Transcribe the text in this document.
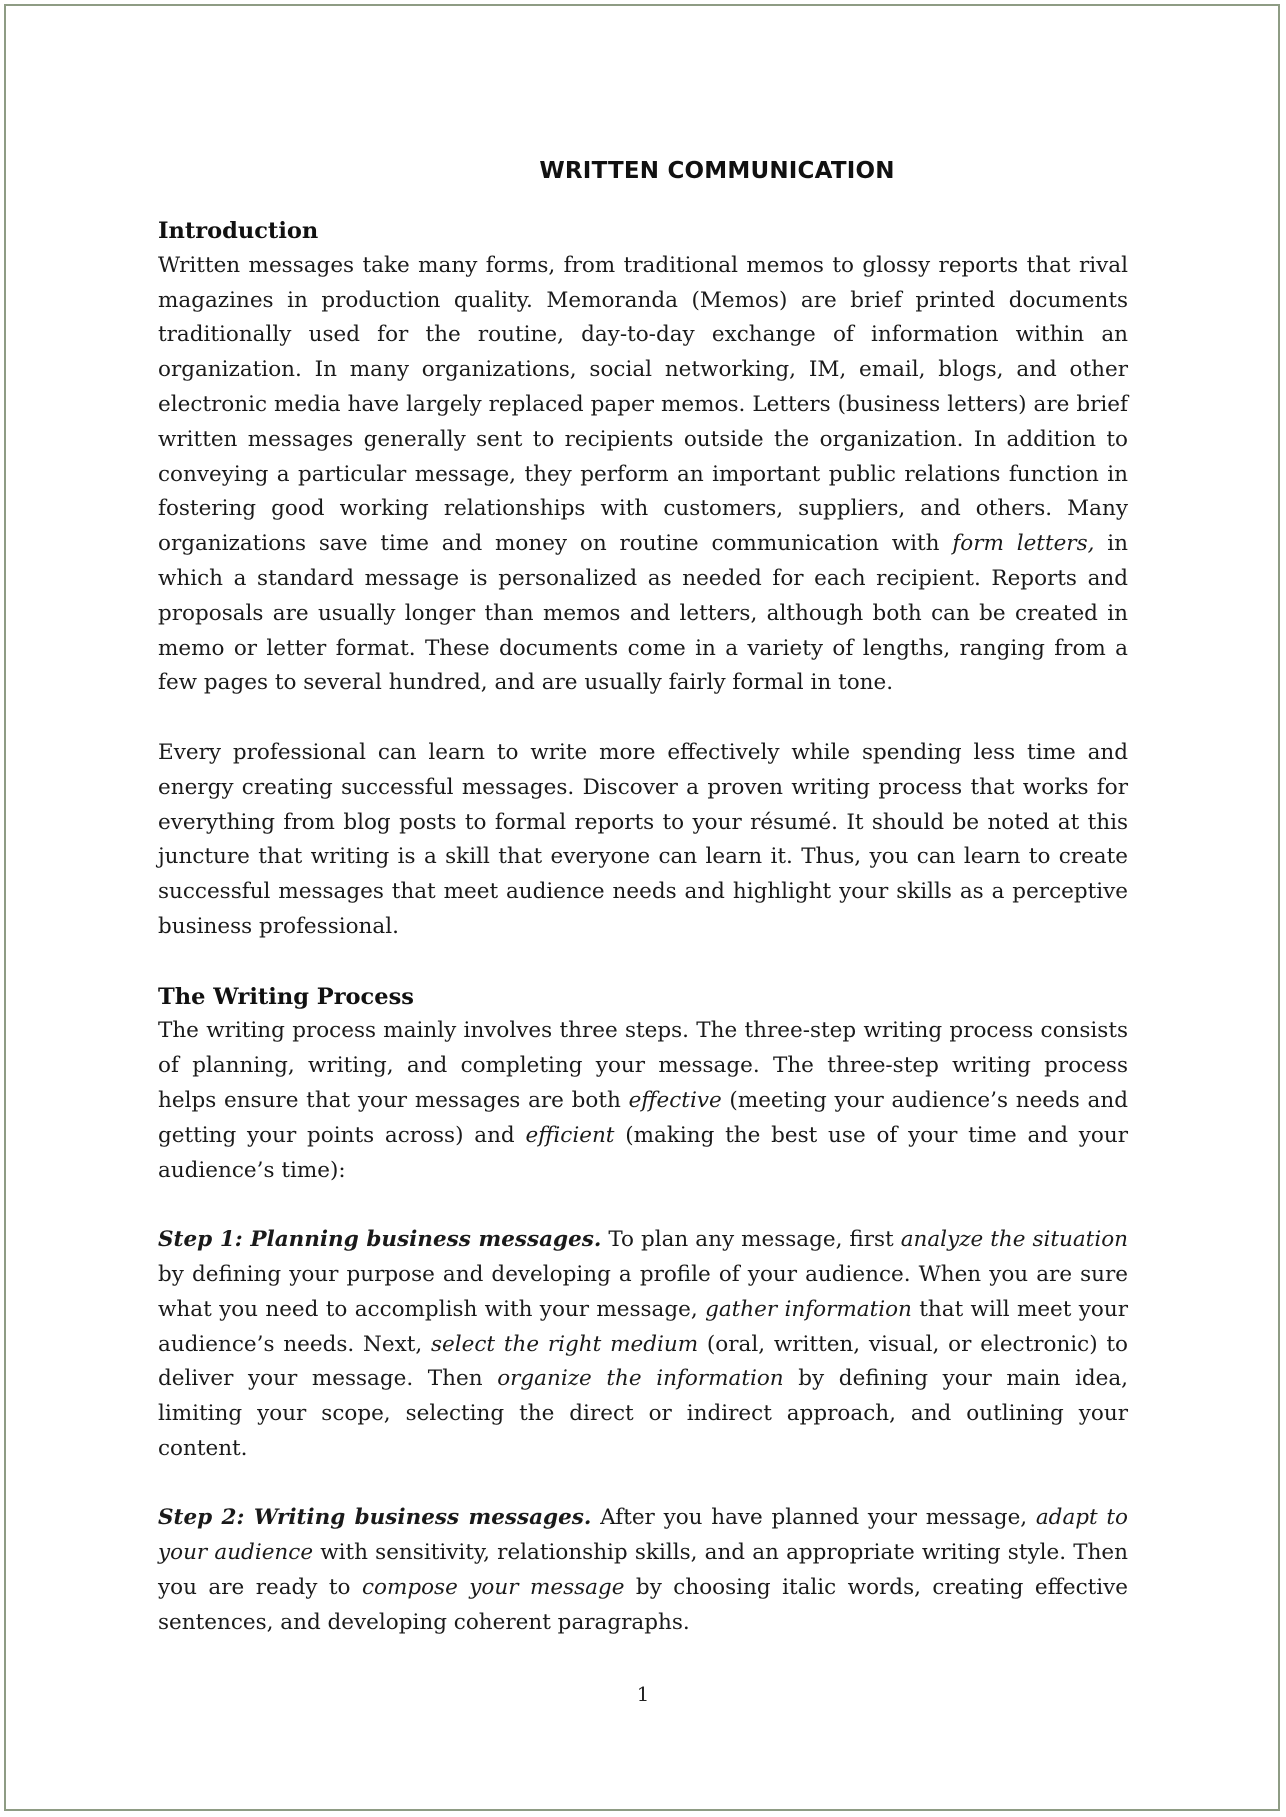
WRITTEN COMMUNICATION
Introduction

Written messages take many forms, from traditional memos to glossy reports that rival magazines in production quality. Memoranda (Memos) are brief printed documents traditionally used for the routine, day-to-day exchange of information within an organization. In many organizations, social networking, IM, email, blogs, and other electronic media have largely replaced paper memos. Letters (business letters) are brief written messages generally sent to recipients outside the organization. In addition to conveying a particular message, they perform an important public relations function in fostering good working relationships with customers, suppliers, and others. Many organizations save time and money on routine communication with form letters, in which a standard message is personalized as needed for each recipient. Reports and proposals are usually longer than memos and letters, although both can be created in memo or letter format. These documents come in a variety of lengths, ranging from a few pages to several hundred, and are usually fairly formal in tone.

Every professional can learn to write more effectively while spending less time and energy creating successful messages. Discover a proven writing process that works for everything from blog posts to formal reports to your résumé. It should be noted at this juncture that writing is a skill that everyone can learn it. Thus, you can learn to create successful messages that meet audience needs and highlight your skills as a perceptive business professional.

The Writing Process

The writing process mainly involves three steps. The three-step writing process consists of planning, writing, and completing your message. The three-step writing process helps ensure that your messages are both effective (meeting your audience’s needs and getting your points across) and efficient (making the best use of your time and your audience’s time):

Step 1: Planning business messages. To plan any message, first analyze the situation by defining your purpose and developing a profile of your audience. When you are sure what you need to accomplish with your message, gather information that will meet your audience’s needs. Next, select the right medium (oral, written, visual, or electronic) to deliver your message. Then organize the information by defining your main idea, limiting your scope, selecting the direct or indirect approach, and outlining your content.

Step 2: Writing business messages. After you have planned your message, adapt to your audience with sensitivity, relationship skills, and an appropriate writing style. Then you are ready to compose your message by choosing italic words, creating effective sentences, and developing coherent paragraphs.

1
